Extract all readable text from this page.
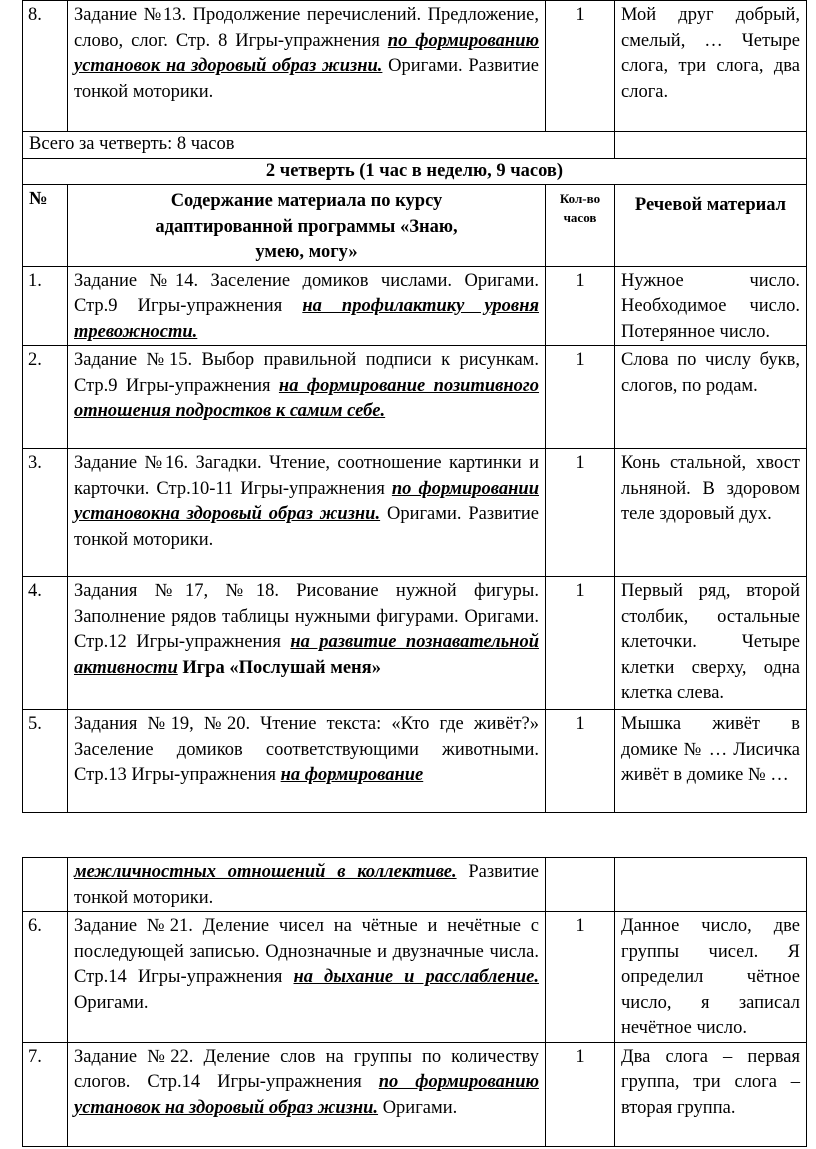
8.	Задание №13. Продолжение перечислений. Предложение, слово, слог. Стр. 8 Игры-упражнения по формированию установок на здоровый образ жизни. Оригами. Развитие тонкой моторики.	1	Мой друг добрый, смелый, … Четыре слога, три слога, два слога.
Всего за четверть: 8 часов			
2 четверть (1 час в неделю, 9 часов)			
№	Содержание материала по курсу адаптированной программы «Знаю, умею, могу»	Кол-во часов	Речевой материал
1.	Задание №14. Заселение домиков числами. Оригами. Стр.9 Игры-упражнения на профилактику уровня тревожности.	1	Нужное число. Необходимое число. Потерянное число.
2.	Задание №15. Выбор правильной подписи к рисункам. Стр.9 Игры-упражнения на формирование позитивного отношения подростков к самим себе.	1	Слова по числу букв, слогов, по родам.
3.	Задание №16. Загадки. Чтение, соотношение картинки и карточки. Стр.10-11 Игры-упражнения по формировании установокна здоровый образ жизни. Оригами. Развитие тонкой моторики.	1	Конь стальной, хвост льняной. В здоровом теле здоровый дух.
4.	Задания №17, №18. Рисование нужной фигуры. Заполнение рядов таблицы нужными фигурами. Оригами. Стр.12 Игры-упражнения на развитие познавательной активности Игра «Послушай меня»	1	Первый ряд, второй столбик, остальные клеточки. Четыре клетки сверху, одна клетка слева.
5.	Задания №19, №20. Чтение текста: «Кто где живёт?» Заселение домиков соответствующими животными. Стр.13 Игры-упражнения на формирование	1	Мышка живёт в домике № … Лисичка живёт в домике № …
	межличностных отношений в коллективе. Развитие тонкой моторики.		
6.	Задание №21. Деление чисел на чётные и нечётные с последующей записью. Однозначные и двузначные числа. Стр.14 Игры-упражнения на дыхание и расслабление. Оригами.	1	Данное число, две группы чисел. Я определил чётное число, я записал нечётное число.
7.	Задание №22. Деление слов на группы по количеству слогов. Стр.14 Игры-упражнения по формированию установок на здоровый образ жизни. Оригами.	1	Два слога – первая группа, три слога – вторая группа.
